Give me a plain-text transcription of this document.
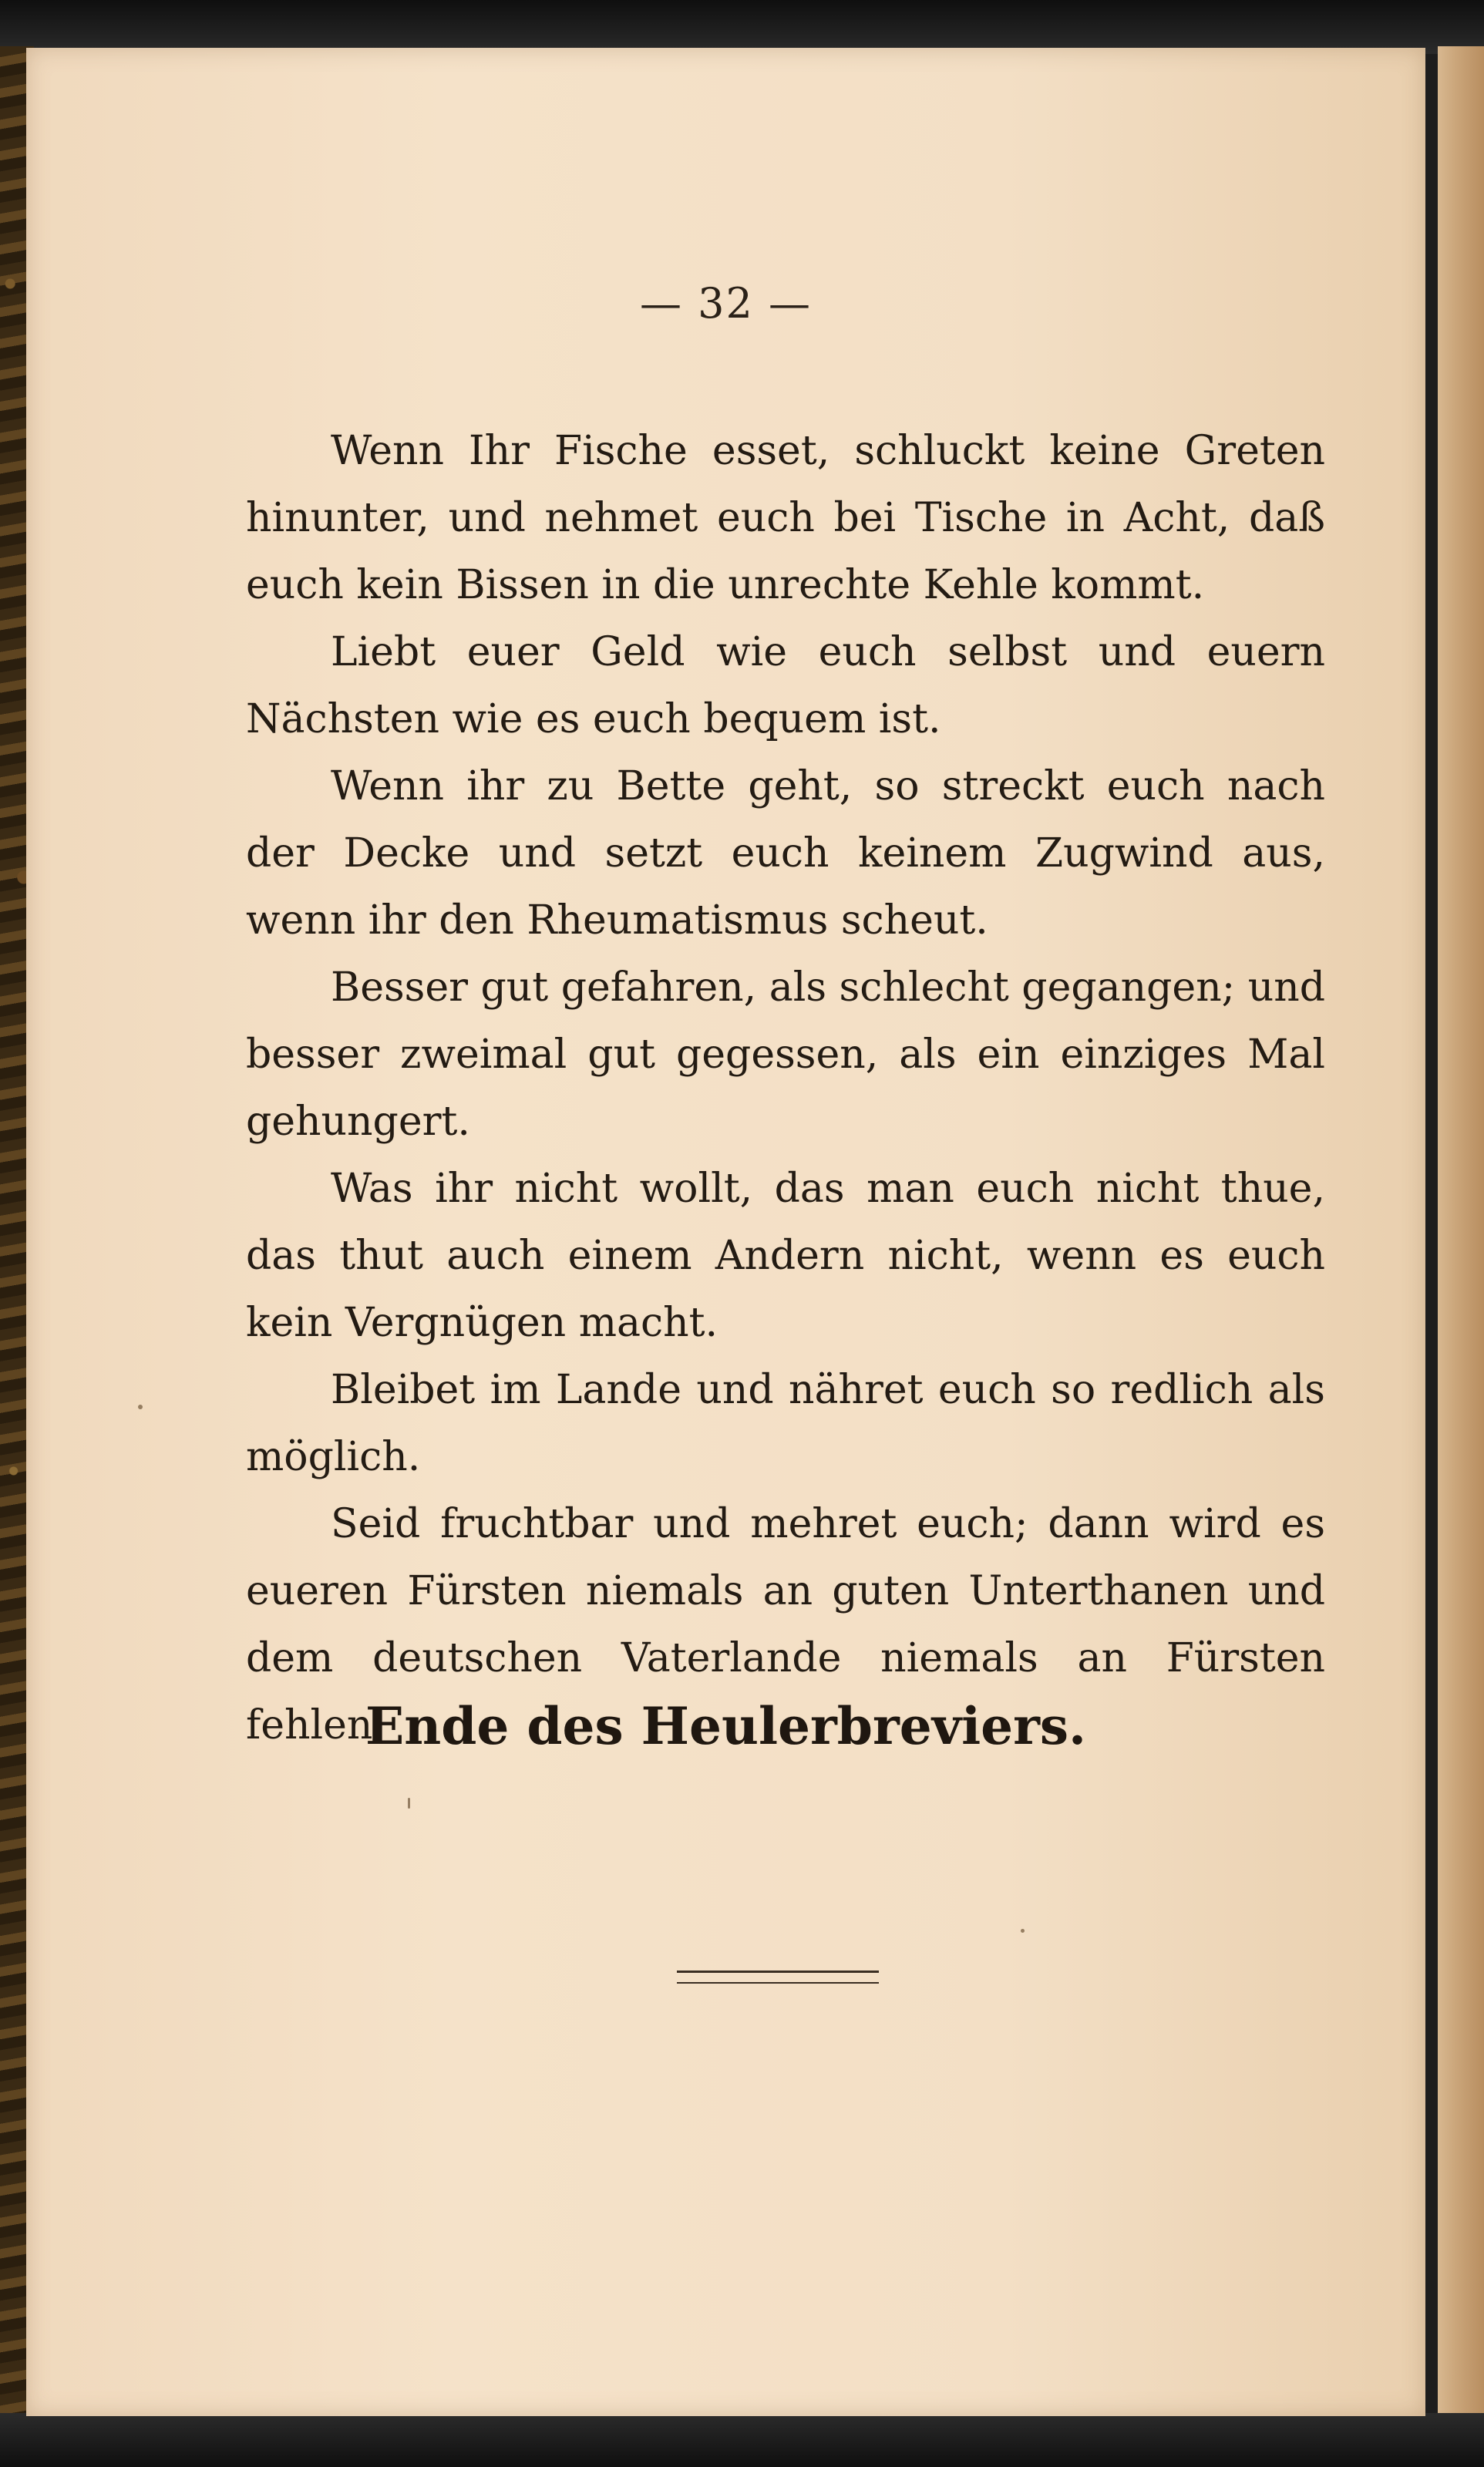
— 32 —

Wenn Ihr Fische esset, schluckt keine Greten hinunter, und nehmet euch bei Tische in Acht, daß euch kein Bissen in die unrechte Kehle kommt.

Liebt euer Geld wie euch selbst und euern Nächsten wie es euch bequem ist.

Wenn ihr zu Bette geht, so streckt euch nach der Decke und setzt euch keinem Zugwind aus, wenn ihr den Rheumatismus scheut.

Besser gut gefahren, als schlecht gegangen; und besser zweimal gut gegessen, als ein einziges Mal gehungert.

Was ihr nicht wollt, das man euch nicht thue, das thut auch einem Andern nicht, wenn es euch kein Vergnügen macht.

Bleibet im Lande und nähret euch so redlich als möglich.

Seid fruchtbar und mehret euch; dann wird es eueren Fürsten niemals an guten Unterthanen und dem deutschen Vaterlande niemals an Fürsten fehlen.

Ende des Heulerbreviers.
